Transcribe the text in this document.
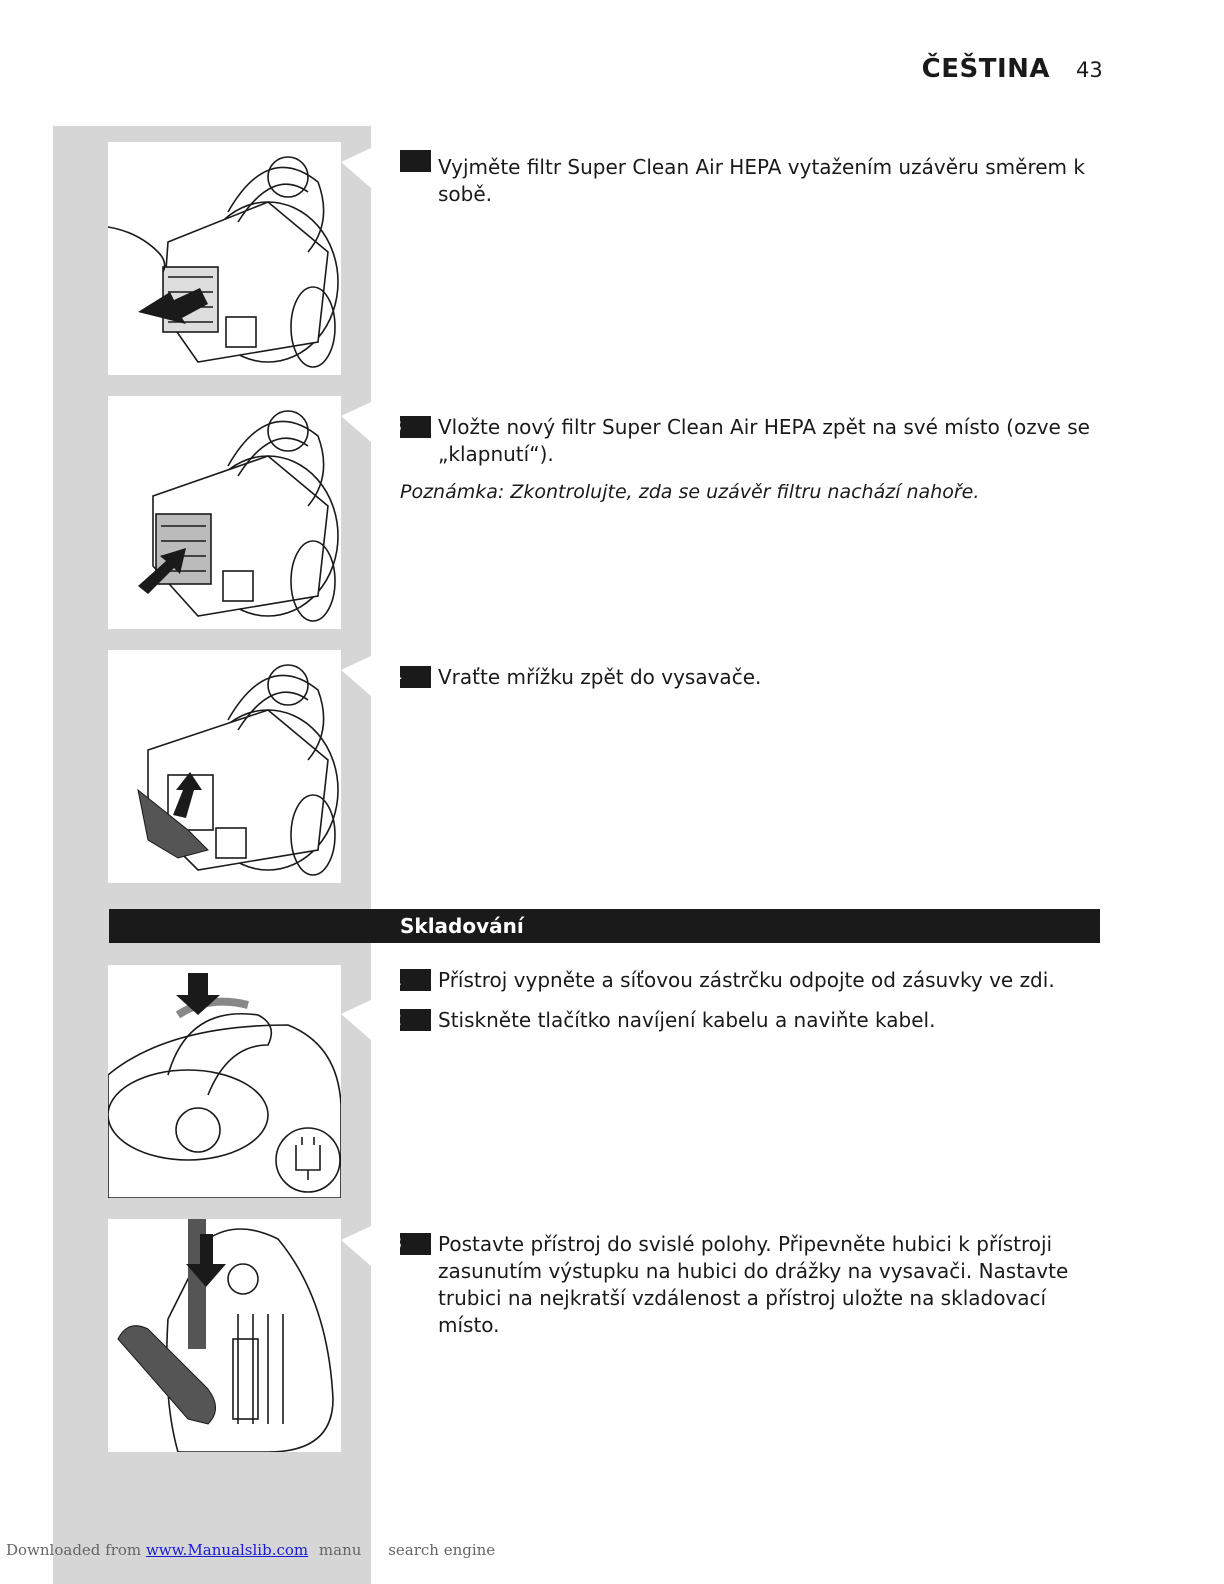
ČEŠTINA 43
Vyjměte filtr Super Clean Air HEPA vytažením uzávěru směrem k sobě.
3 Vložte nový filtr Super Clean Air HEPA zpět na své místo (ozve se „klapnutí“).
Poznámka: Zkontrolujte, zda se uzávěr filtru nachází nahoře.
4 Vraťte mřížku zpět do vysavače.
Skladování
1 Přístroj vypněte a síťovou zástrčku odpojte od zásuvky ve zdi.
2 Stiskněte tlačítko navíjení kabelu a naviňte kabel.
3 Postavte přístroj do svislé polohy. Připevněte hubici k přístroji zasunutím výstupku na hubici do drážky na vysavači. Nastavte trubici na nejkratší vzdálenost a přístroj uložte na skladovací místo.
Downloaded from www.Manualslib.com manu search engine
